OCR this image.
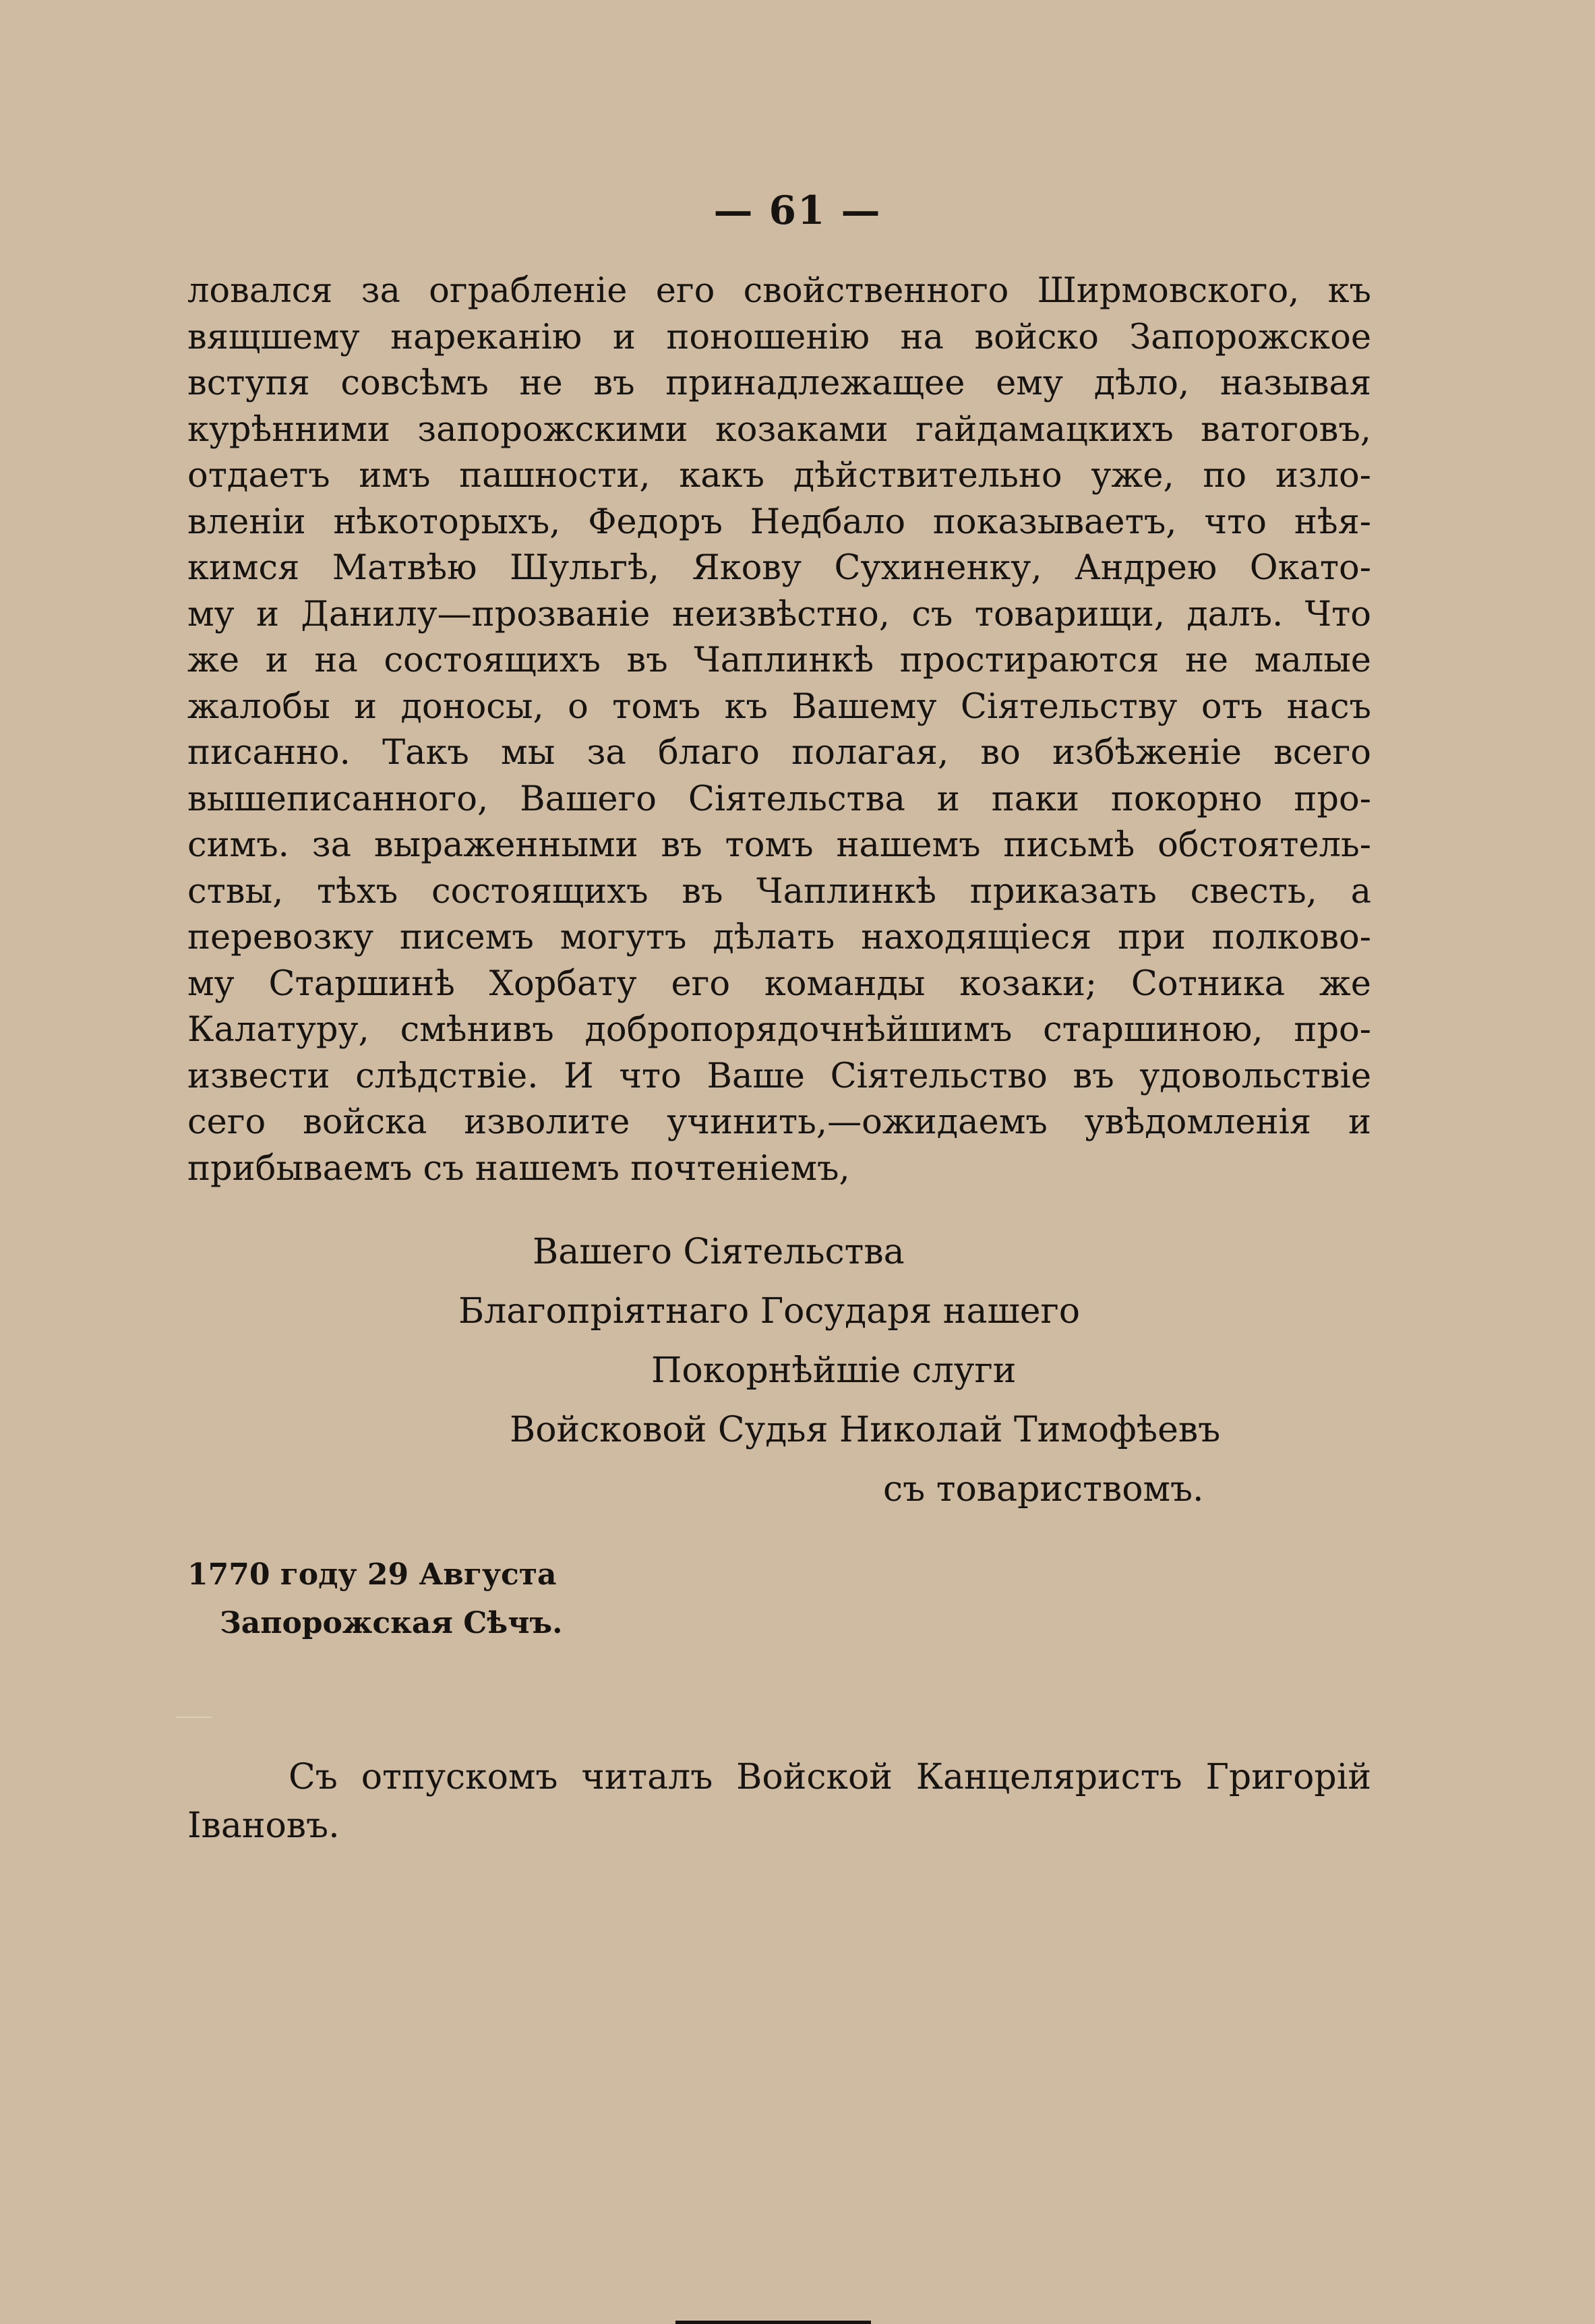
— 61 —
ловался за ограбленіе его свойственного Ширмовского, къ
вящшему нареканію и поношенію на войско Запорожское
вступя совсѣмъ не въ принадлежащее ему дѣло, называя
курѣнними запорожскими козаками гайдамацкихъ ватоговъ,
отдаетъ имъ пашности, какъ дѣйствительно уже, по изло-
вленіи нѣкоторыхъ, Федоръ Недбало показываетъ, что нѣя-
кимся Матвѣю Шульгѣ, Якову Сухиненку, Андрею Окато-
му и Данилу—прозваніе неизвѣстно, съ товарищи, далъ. Что
же и на состоящихъ въ Чаплинкѣ простираются не малые
жалобы и доносы, о томъ къ Вашему Сіятельству отъ насъ
писанно. Такъ мы за благо полагая, во избѣженіе всего
вышеписанного, Вашего Сіятельства и паки покорно про-
симъ. за выраженными въ томъ нашемъ письмѣ обстоятель-
ствы, тѣхъ состоящихъ въ Чаплинкѣ приказать свесть, а
перевозку писемъ могутъ дѣлать находящіеся при полково-
му Старшинѣ Хорбату его команды козаки; Сотника же
Калатуру, смѣнивъ добропорядочнѣйшимъ старшиною, про-
извести слѣдствіе. И что Ваше Сіятельство въ удовольствіе
сего войска изволите учинить,—ожидаемъ увѣдомленія и
прибываемъ съ нашемъ почтеніемъ,
Вашего Сіятельства
Благопріятнаго Государя нашего
Покорнѣйшіе слуги
Войсковой Судья Николай Тимофѣевъ
съ товариствомъ.
1770 году 29 Августа
Запорожская Сѣчъ.
Съ отпускомъ читалъ Войской Канцеляристъ Григорій
Івановъ.
